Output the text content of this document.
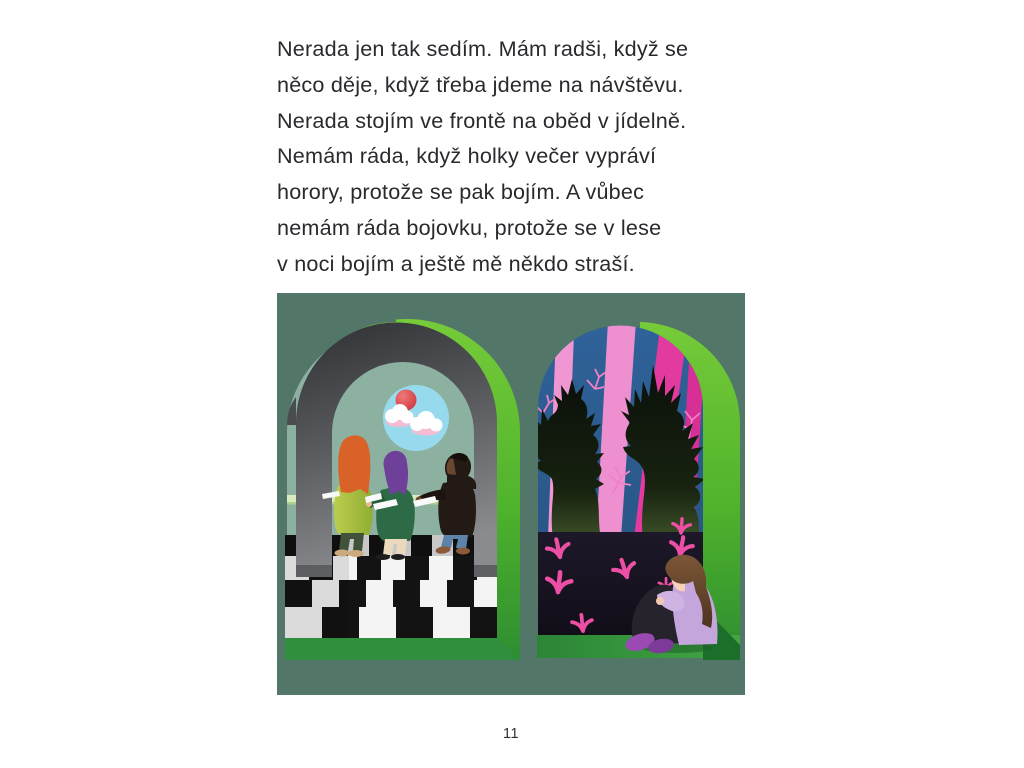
Nerada jen tak sedím. Mám radši, když se
něco děje, když třeba jdeme na návštěvu.
Nerada stojím ve frontě na oběd v jídelně.
Nemám ráda, když holky večer vypráví
horory, protože se pak bojím. A vůbec
nemám ráda bojovku, protože se v lese
v noci bojím a ještě mě někdo straší.
11
